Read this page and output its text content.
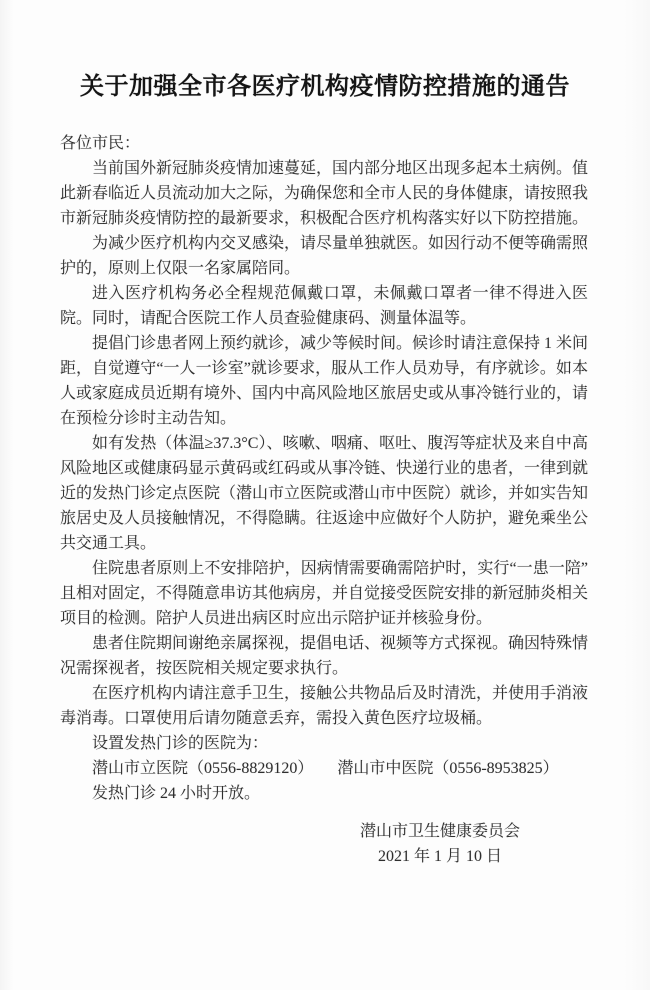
关于加强全市各医疗机构疫情防控措施的通告

各位市民：

当前国外新冠肺炎疫情加速蔓延，国内部分地区出现多起本土病例。值此新春临近人员流动加大之际，为确保您和全市人民的身体健康，请按照我市新冠肺炎疫情防控的最新要求，积极配合医疗机构落实好以下防控措施。

为减少医疗机构内交叉感染，请尽量单独就医。如因行动不便等确需照护的，原则上仅限一名家属陪同。

进入医疗机构务必全程规范佩戴口罩，未佩戴口罩者一律不得进入医院。同时，请配合医院工作人员查验健康码、测量体温等。

提倡门诊患者网上预约就诊，减少等候时间。候诊时请注意保持 1 米间距，自觉遵守“一人一诊室”就诊要求，服从工作人员劝导，有序就诊。如本人或家庭成员近期有境外、国内中高风险地区旅居史或从事冷链行业的，请在预检分诊时主动告知。

如有发热（体温≥37.3°C）、咳嗽、咽痛、呕吐、腹泻等症状及来自中高风险地区或健康码显示黄码或红码或从事冷链、快递行业的患者，一律到就近的发热门诊定点医院（潜山市立医院或潜山市中医院）就诊，并如实告知旅居史及人员接触情况，不得隐瞒。往返途中应做好个人防护，避免乘坐公共交通工具。

住院患者原则上不安排陪护，因病情需要确需陪护时，实行“一患一陪”且相对固定，不得随意串访其他病房，并自觉接受医院安排的新冠肺炎相关项目的检测。陪护人员进出病区时应出示陪护证并核验身份。

患者住院期间谢绝亲属探视，提倡电话、视频等方式探视。确因特殊情况需探视者，按医院相关规定要求执行。

在医疗机构内请注意手卫生，接触公共物品后及时清洗，并使用手消液毒消毒。口罩使用后请勿随意丢弃，需投入黄色医疗垃圾桶。

设置发热门诊的医院为：

潜山市立医院（0556-8829120）　　潜山市中医院（0556-8953825）

发热门诊 24 小时开放。

潜山市卫生健康委员会

2021 年 1 月 10 日
